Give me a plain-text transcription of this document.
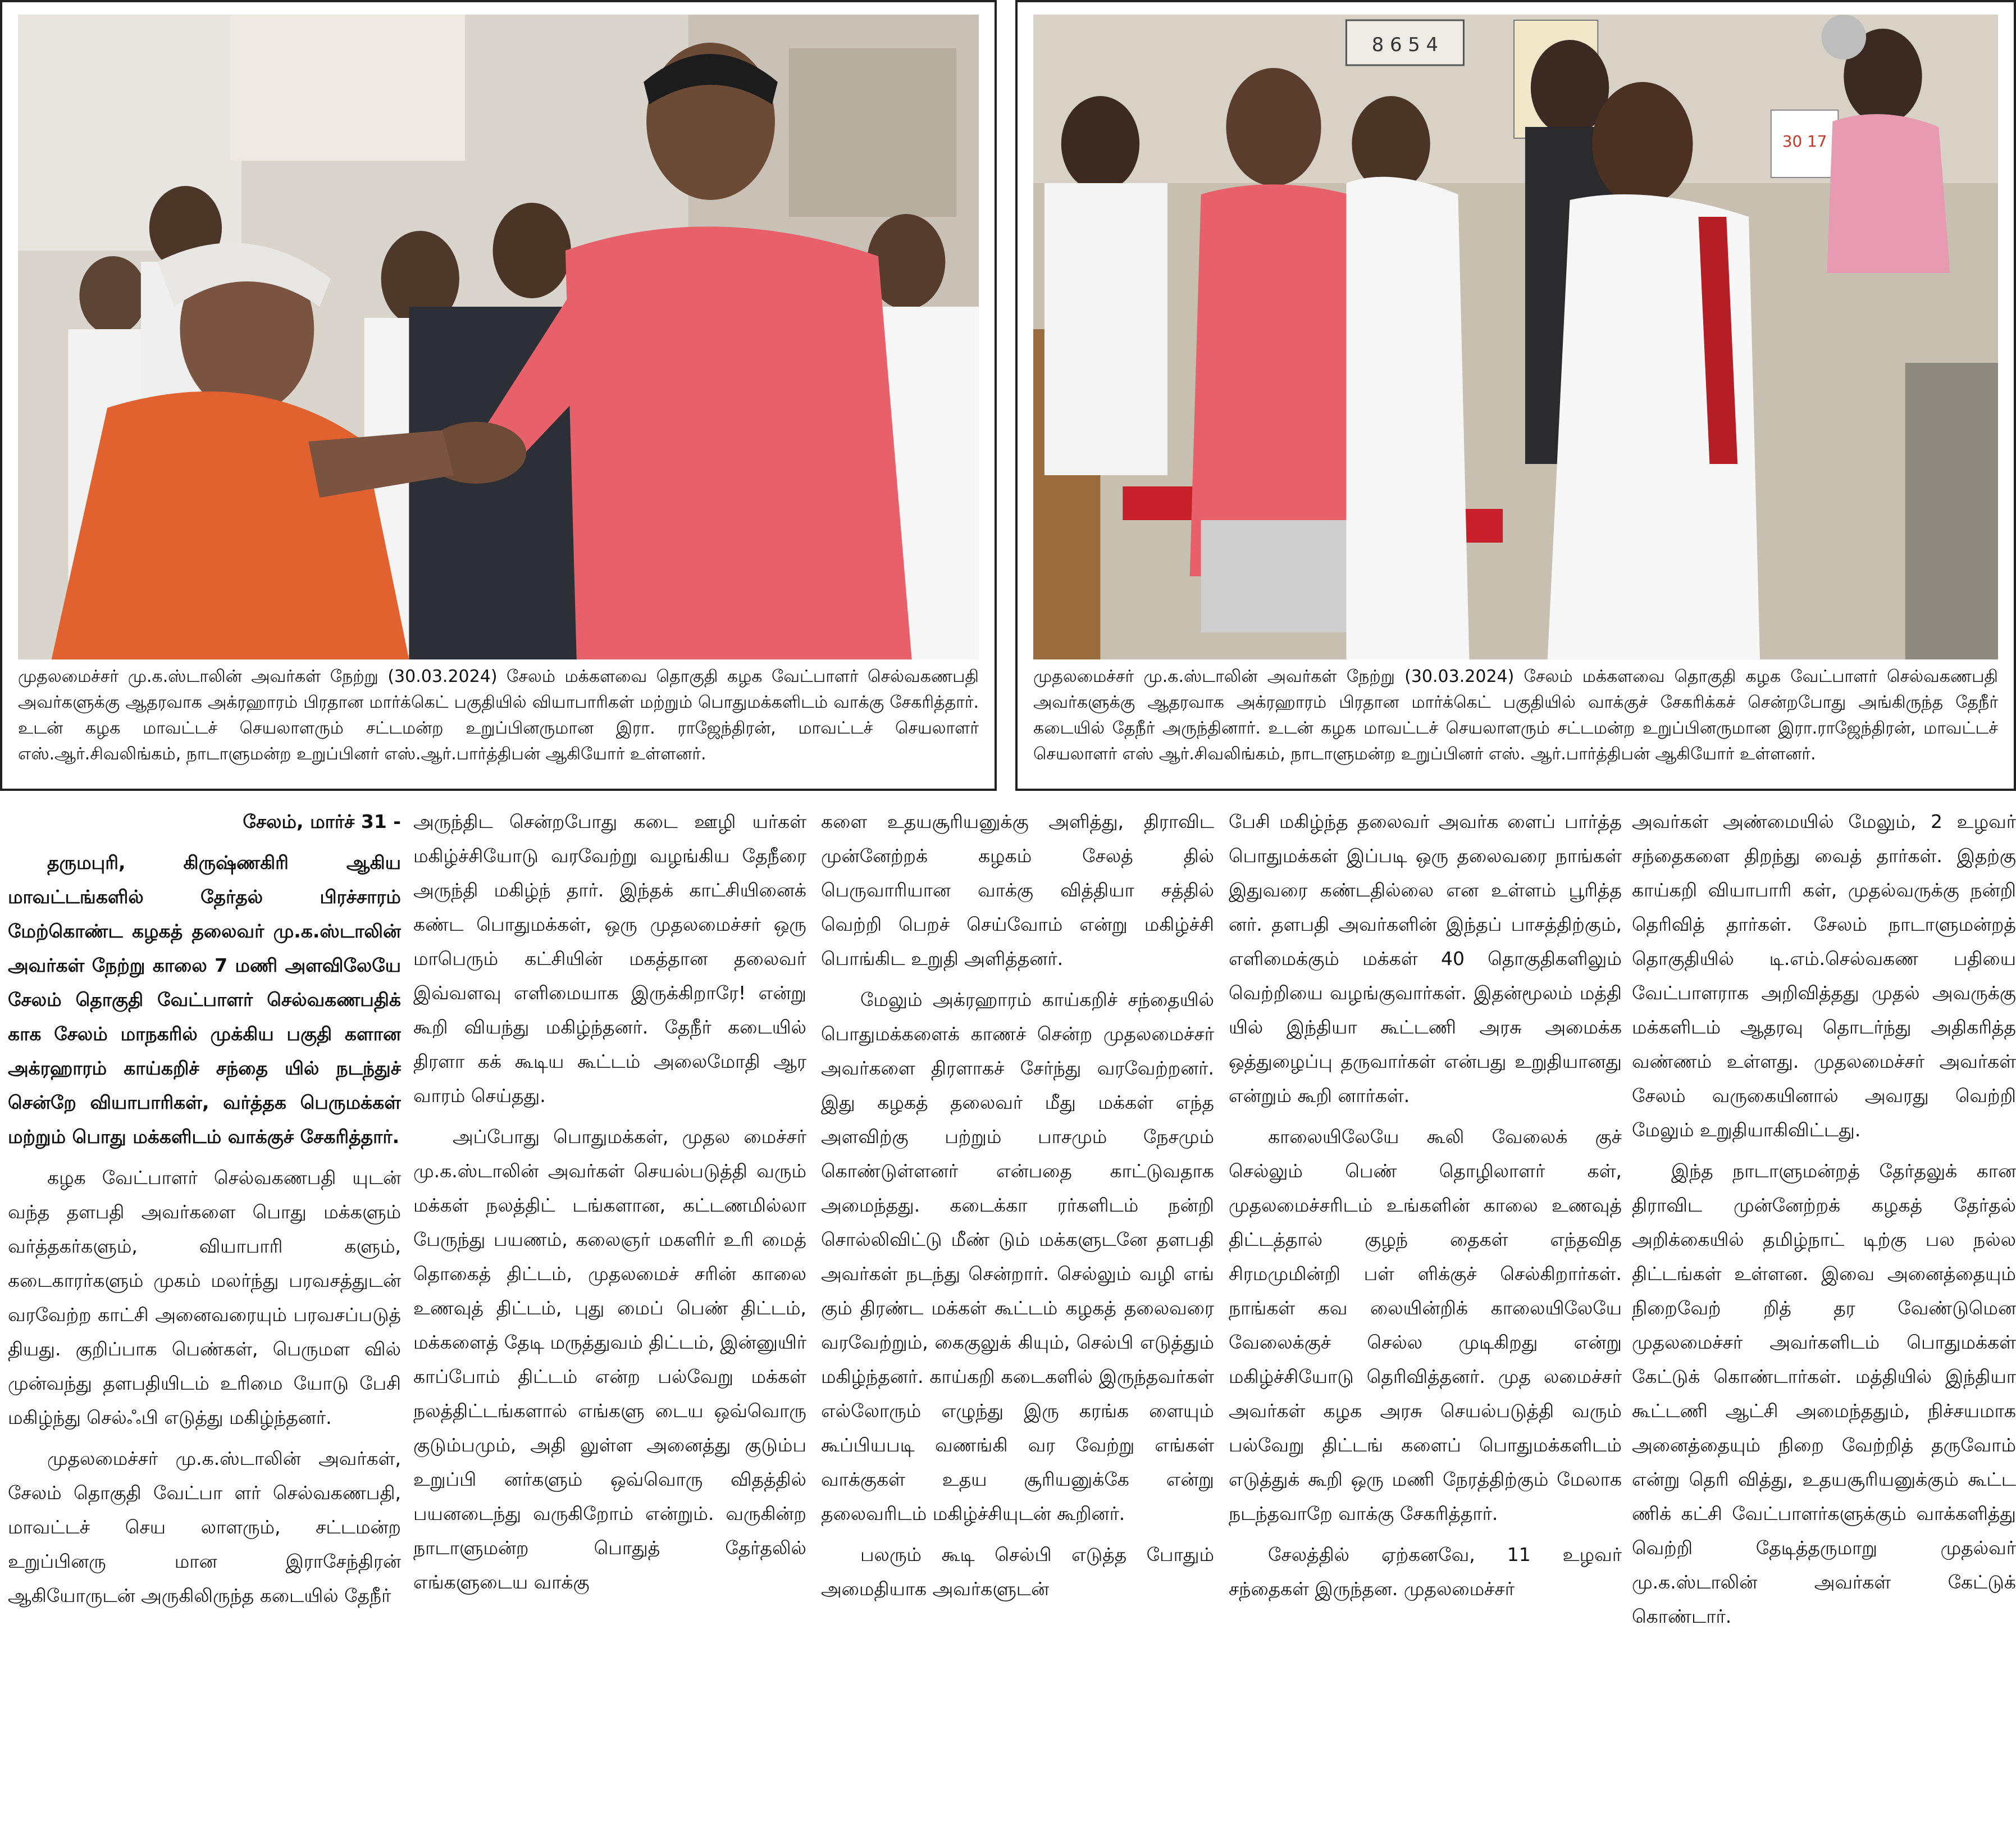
முதலமைச்சர் மு.க.ஸ்டாலின் அவர்கள் நேற்று (30.03.2024) சேலம் மக்களவை தொகுதி கழக வேட்பாளர் செல்வகணபதி அவர்களுக்கு ஆதரவாக அக்ரஹாரம் பிரதான மார்க்கெட் பகுதியில் வியாபாரிகள் மற்றும் பொதுமக்களிடம் வாக்கு சேகரித்தார். உடன் கழக மாவட்டச் செயலாளரும் சட்டமன்ற உறுப்பினருமான இரா. ராஜேந்திரன், மாவட்டச் செயலாளர் எஸ்.ஆர்.சிவலிங்கம், நாடாளுமன்ற உறுப்பினர் எஸ்.ஆர்.பார்த்திபன் ஆகியோர் உள்ளனர்.
8 6 5 4
30 17
முதலமைச்சர் மு.க.ஸ்டாலின் அவர்கள் நேற்று (30.03.2024) சேலம் மக்களவை தொகுதி கழக வேட்பாளர் செல்வகணபதி அவர்களுக்கு ஆதரவாக அக்ரஹாரம் பிரதான மார்க்கெட் பகுதியில் வாக்குச் சேகரிக்கச் சென்றபோது அங்கிருந்த தேநீர் கடையில் தேநீர் அருந்தினார். உடன் கழக மாவட்டச் செயலாளரும் சட்டமன்ற உறுப்பினருமான இரா.ராஜேந்திரன், மாவட்டச் செயலாளர் எஸ் ஆர்.சிவலிங்கம், நாடாளுமன்ற உறுப்பினர் எஸ். ஆர்.பார்த்திபன் ஆகியோர் உள்ளனர்.

சேலம், மார்ச் 31 -

தருமபுரி, கிருஷ்ணகிரி ஆகிய மாவட்டங்களில் தேர்தல் பிரச்சாரம் மேற்கொண்ட கழகத் தலைவர் மு.க.ஸ்டாலின் அவர்கள் நேற்று காலை 7 மணி அளவிலேயே சேலம் தொகுதி வேட்பாளர் செல்வகணபதிக் காக சேலம் மாநகரில் முக்கிய பகுதி களான அக்ரஹாரம் காய்கறிச் சந்தை யில் நடந்துச் சென்றே வியாபாரிகள், வர்த்தக பெருமக்கள் மற்றும் பொது மக்களிடம் வாக்குச் சேகரித்தார்.

கழக வேட்பாளர் செல்வகணபதி யுடன் வந்த தளபதி அவர்களை பொது மக்களும் வர்த்தகர்களும், வியாபாரி களும், கடைகாரர்களும் முகம் மலர்ந்து பரவசத்துடன் வரவேற்ற காட்சி அனைவரையும் பரவசப்படுத் தியது. குறிப்பாக பெண்கள், பெருமள வில் முன்வந்து தளபதியிடம் உரிமை யோடு பேசி மகிழ்ந்து செல்ஃபி எடுத்து மகிழ்ந்தனர்.

முதலமைச்சர் மு.க.ஸ்டாலின் அவர்கள், சேலம் தொகுதி வேட்பா ளர் செல்வகணபதி, மாவட்டச் செய லாளரும், சட்டமன்ற உறுப்பினரு மான இராசேந்திரன் ஆகியோருடன் அருகிலிருந்த கடையில் தேநீர்

அருந்திட சென்றபோது கடை ஊழி யர்கள் மகிழ்ச்சியோடு வரவேற்று வழங்கிய தேநீரை அருந்தி மகிழ்ந் தார். இந்தக் காட்சியினைக் கண்ட பொதுமக்கள், ஒரு முதலமைச்சர் ஒரு மாபெரும் கட்சியின் மகத்தான தலைவர் இவ்வளவு எளிமையாக இருக்கிறாரே! என்று கூறி வியந்து மகிழ்ந்தனர். தேநீர் கடையில் திரளா கக் கூடிய கூட்டம் அலைமோதி ஆர வாரம் செய்தது.

அப்போது பொதுமக்கள், முதல மைச்சர் மு.க.ஸ்டாலின் அவர்கள் செயல்படுத்தி வரும் மக்கள் நலத்திட் டங்களான, கட்டணமில்லா பேருந்து பயணம், கலைஞர் மகளிர் உரி மைத் தொகைத் திட்டம், முதலமைச் சரின் காலை உணவுத் திட்டம், புது மைப் பெண் திட்டம், மக்களைத் தேடி மருத்துவம் திட்டம், இன்னுயிர் காப்போம் திட்டம் என்ற பல்வேறு மக்கள் நலத்திட்டங்களால் எங்களு டைய ஒவ்வொரு குடும்பமும், அதி லுள்ள அனைத்து குடும்ப உறுப்பி னர்களும் ஒவ்வொரு விதத்தில் பயனடைந்து வருகிறோம் என்றும். வருகின்ற நாடாளுமன்ற பொதுத் தேர்தலில் எங்களுடைய வாக்கு

களை உதயசூரியனுக்கு அளித்து, திராவிட முன்னேற்றக் கழகம் சேலத் தில் பெருவாரியான வாக்கு வித்தியா சத்தில் வெற்றி பெறச் செய்வோம் என்று மகிழ்ச்சி பொங்கிட உறுதி அளித்தனர்.

மேலும் அக்ரஹாரம் காய்கறிச் சந்தையில் பொதுமக்களைக் காணச் சென்ற முதலமைச்சர் அவர்களை திரளாகச் சேர்ந்து வரவேற்றனர். இது கழகத் தலைவர் மீது மக்கள் எந்த அளவிற்கு பற்றும் பாசமும் நேசமும் கொண்டுள்ளனர் என்பதை காட்டுவதாக அமைந்தது. கடைக்கா ரர்களிடம் நன்றி சொல்லிவிட்டு மீண் டும் மக்களுடனே தளபதி அவர்கள் நடந்து சென்றார். செல்லும் வழி எங் கும் திரண்ட மக்கள் கூட்டம் கழகத் தலைவரை வரவேற்றும், கைகுலுக் கியும், செல்பி எடுத்தும் மகிழ்ந்தனர். காய்கறி கடைகளில் இருந்தவர்கள் எல்லோரும் எழுந்து இரு கரங்க ளையும் கூப்பியபடி வணங்கி வர வேற்று எங்கள் வாக்குகள் உதய சூரியனுக்கே என்று தலைவரிடம் மகிழ்ச்சியுடன் கூறினர்.

பலரும் கூடி செல்பி எடுத்த போதும் அமைதியாக அவர்களுடன்

பேசி மகிழ்ந்த தலைவர் அவர்க ளைப் பார்த்த பொதுமக்கள் இப்படி ஒரு தலைவரை நாங்கள் இதுவரை கண்டதில்லை என உள்ளம் பூரித்த னர். தளபதி அவர்களின் இந்தப் பாசத்திற்கும், எளிமைக்கும் மக்கள் 40 தொகுதிகளிலும் வெற்றியை வழங்குவார்கள். இதன்மூலம் மத்தி யில் இந்தியா கூட்டணி அரசு அமைக்க ஒத்துழைப்பு தருவார்கள் என்பது உறுதியானது என்றும் கூறி னார்கள்.

காலையிலேயே கூலி வேலைக் குச் செல்லும் பெண் தொழிலாளர் கள், முதலமைச்சரிடம் உங்களின் காலை உணவுத் திட்டத்தால் குழந் தைகள் எந்தவித சிரமமுமின்றி பள் ளிக்குச் செல்கிறார்கள். நாங்கள் கவ லையின்றிக் காலையிலேயே வேலைக்குச் செல்ல முடிகிறது என்று மகிழ்ச்சியோடு தெரிவித்தனர். முத லமைச்சர் அவர்கள் கழக அரசு செயல்படுத்தி வரும் பல்வேறு திட்டங் களைப் பொதுமக்களிடம் எடுத்துக் கூறி ஒரு மணி நேரத்திற்கும் மேலாக நடந்தவாறே வாக்கு சேகரித்தார்.

சேலத்தில் ஏற்கனவே, 11 உழவர் சந்தைகள் இருந்தன. முதலமைச்சர்

அவர்கள் அண்மையில் மேலும், 2 உழவர் சந்தைகளை திறந்து வைத் தார்கள். இதற்கு காய்கறி வியாபாரி கள், முதல்வருக்கு நன்றி தெரிவித் தார்கள். சேலம் நாடாளுமன்றத் தொகுதியில் டி.எம்.செல்வகண பதியை வேட்பாளராக அறிவித்தது முதல் அவருக்கு மக்களிடம் ஆதரவு தொடர்ந்து அதிகரித்த வண்ணம் உள்ளது. முதலமைச்சர் அவர்கள் சேலம் வருகையினால் அவரது வெற்றி மேலும் உறுதியாகிவிட்டது.

இந்த நாடாளுமன்றத் தேர்தலுக் கான திராவிட முன்னேற்றக் கழகத் தேர்தல் அறிக்கையில் தமிழ்நாட் டிற்கு பல நல்ல திட்டங்கள் உள்ளன. இவை அனைத்தையும் நிறைவேற் றித் தர வேண்டுமென முதலமைச்சர் அவர்களிடம் பொதுமக்கள் கேட்டுக் கொண்டார்கள். மத்தியில் இந்தியா கூட்டணி ஆட்சி அமைந்ததும், நிச்சயமாக அனைத்தையும் நிறை வேற்றித் தருவோம் என்று தெரி வித்து, உதயசூரியனுக்கும் கூட்ட ணிக் கட்சி வேட்பாளர்களுக்கும் வாக்களித்து வெற்றி தேடித்தருமாறு முதல்வர் மு.க.ஸ்டாலின் அவர்கள் கேட்டுக் கொண்டார்.
